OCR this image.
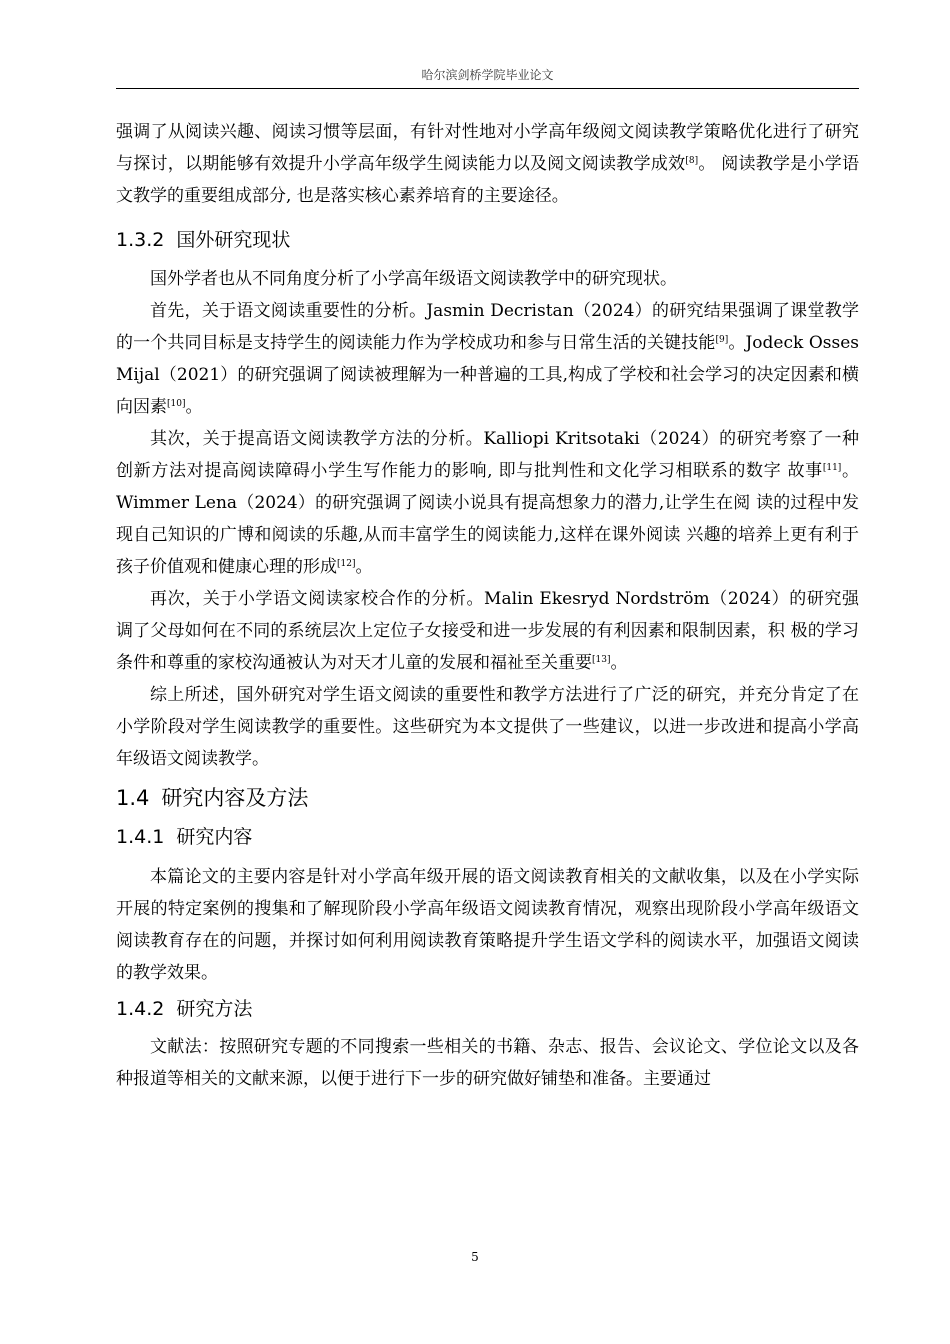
哈尔滨剑桥学院毕业论文

强调了从阅读兴趣、阅读习惯等层面，有针对性地对小学高年级阅文阅读教学策略优化进行了研究与探讨，以期能够有效提升小学高年级学生阅读能力以及阅文阅读教学成效[8]。 阅读教学是小学语文教学的重要组成部分, 也是落实核心素养培育的主要途径。

1.3.2 国外研究现状

国外学者也从不同角度分析了小学高年级语文阅读教学中的研究现状。

首先，关于语文阅读重要性的分析。Jasmin Decristan（2024）的研究结果强调了课堂教学的一个共同目标是支持学生的阅读能力作为学校成功和参与日常生活的关键技能[9]。Jodeck Osses Mijal（2021）的研究强调了阅读被理解为一种普遍的工具,构成了学校和社会学习的决定因素和横向因素[10]。

其次，关于提高语文阅读教学方法的分析。Kalliopi Kritsotaki（2024）的研究考察了一种创新方法对提高阅读障碍小学生写作能力的影响, 即与批判性和文化学习相联系的数字 故事[11]。Wimmer Lena（2024）的研究强调了阅读小说具有提高想象力的潜力,让学生在阅 读的过程中发现自己知识的广博和阅读的乐趣,从而丰富学生的阅读能力,这样在课外阅读 兴趣的培养上更有利于孩子价值观和健康心理的形成[12]。

再次，关于小学语文阅读家校合作的分析。Malin Ekesryd Nordström（2024）的研究强 调了父母如何在不同的系统层次上定位子女接受和进一步发展的有利因素和限制因素，积 极的学习条件和尊重的家校沟通被认为对天才儿童的发展和福祉至关重要[13]。

综上所述，国外研究对学生语文阅读的重要性和教学方法进行了广泛的研究，并充分肯定了在小学阶段对学生阅读教学的重要性。这些研究为本文提供了一些建议，以进一步改进和提高小学高年级语文阅读教学。

1.4 研究内容及方法
1.4.1 研究内容

本篇论文的主要内容是针对小学高年级开展的语文阅读教育相关的文献收集，以及在小学实际开展的特定案例的搜集和了解现阶段小学高年级语文阅读教育情况，观察出现阶段小学高年级语文阅读教育存在的问题，并探讨如何利用阅读教育策略提升学生语文学科的阅读水平，加强语文阅读的教学效果。

1.4.2 研究方法

文献法：按照研究专题的不同搜索一些相关的书籍、杂志、报告、会议论文、学位论文以及各种报道等相关的文献来源，以便于进行下一步的研究做好铺垫和准备。主要通过

5
